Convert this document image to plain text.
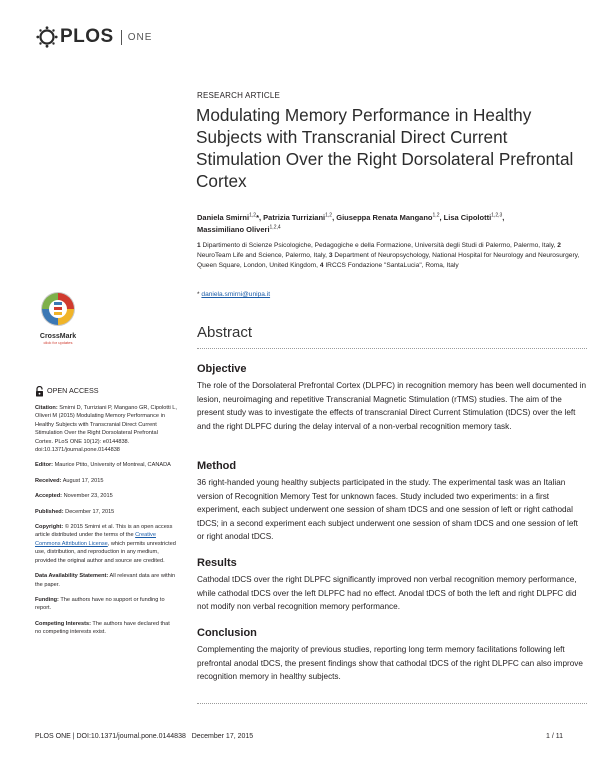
PLOS ONE
RESEARCH ARTICLE
Modulating Memory Performance in Healthy Subjects with Transcranial Direct Current Stimulation Over the Right Dorsolateral Prefrontal Cortex
Daniela Smirni$^{1,2}$*, Patrizia Turriziani$^{1,2}$, Giuseppa Renata Mangano$^{1,2}$, Lisa Cipolotti$^{1,2,3}$,
Massimiliano Oliveri$^{1,2,4}$
1 Dipartimento di Scienze Psicologiche, Pedagogiche e della Formazione, Università degli Studi di Palermo, Palermo, Italy, 2 NeuroTeam Life and Science, Palermo, Italy, 3 Department of Neuropsychology, National Hospital for Neurology and Neurosurgery, Queen Square, London, United Kingdom, 4 IRCCS Fondazione "SantaLucia", Roma, Italy
* daniela.smirni@unipa.it
Abstract
Objective
The role of the Dorsolateral Prefrontal Cortex (DLPFC) in recognition memory has been well documented in lesion, neuroimaging and repetitive Transcranial Magnetic Stimulation (rTMS) studies. The aim of the present study was to investigate the effects of transcranial Direct Current Stimulation (tDCS) over the left and the right DLPFC during the delay interval of a non-verbal recognition memory task.
Method
36 right-handed young healthy subjects participated in the study. The experimental task was an Italian version of Recognition Memory Test for unknown faces. Study included two experiments: in a first experiment, each subject underwent one session of sham tDCS and one session of left or right cathodal tDCS; in a second experiment each subject underwent one session of sham tDCS and one session of left or right anodal tDCS.
Results
Cathodal tDCS over the right DLPFC significantly improved non verbal recognition memory performance, while cathodal tDCS over the left DLPFC had no effect. Anodal tDCS of both the left and right DLPFC did not modify non verbal recognition memory performance.
Conclusion
Complementing the majority of previous studies, reporting long term memory facilitations following left prefrontal anodal tDCS, the present findings show that cathodal tDCS of the right DLPFC can also improve recognition memory in healthy subjects.
CrossMark
click for updates
OPEN ACCESS

Citation: Smirni D, Turriziani P, Mangano GR, Cipolotti L, Oliveri M (2015) Modulating Memory Performance in Healthy Subjects with Transcranial Direct Current Stimulation Over the Right Dorsolateral Prefrontal Cortex. PLoS ONE 10(12): e0144838. doi:10.1371/journal.pone.0144838

Editor: Maurice Ptito, University of Montreal, CANADA

Received: August 17, 2015

Accepted: November 23, 2015

Published: December 17, 2015

Copyright: © 2015 Smirni et al. This is an open access article distributed under the terms of the Creative Commons Attribution License, which permits unrestricted use, distribution, and reproduction in any medium, provided the original author and source are credited.

Data Availability Statement: All relevant data are within the paper.

Funding: The authors have no support or funding to report.

Competing Interests: The authors have declared that no competing interests exist.

PLOS ONE | DOI:10.1371/journal.pone.0144838   December 17, 2015	1 / 11
